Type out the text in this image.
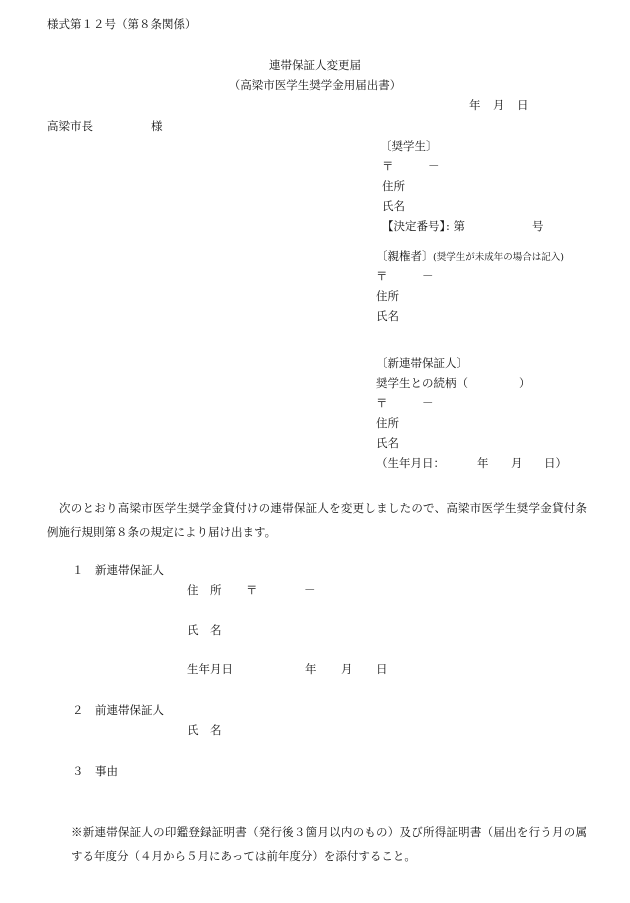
様式第１２号（第８条関係）
連帯保証人変更届
（高梁市医学生奨学金用届出書）
年 月 日
高梁市長	様
〔奨学生〕
〒	－
住所
氏名
【決定番号】
: 第	号
〔親権者〕 (奨学生が未成年の場合は記入)
〒	－
住所
氏名
〔新連帯保証人〕
奨学生との続柄（	）
〒	－
住所
氏名
（生年月日：	年 月 日）
次のとおり高梁市医学生奨学金貸付けの連帯保証人を変更しましたので、高梁市医学生奨学金貸付条例施行規則第８条の規定により届け出ます。
１ 新連帯保証人
住　所 〒	－
氏　名
生年月日	年 月 日
２ 前連帯保証人
氏　名
３ 事由
※新連帯保証人の印鑑登録証明書（発行後３箇月以内のもの）及び所得証明書（届出を行う月の属する年度分（４月から５月にあっては前年度分）を添付すること。
